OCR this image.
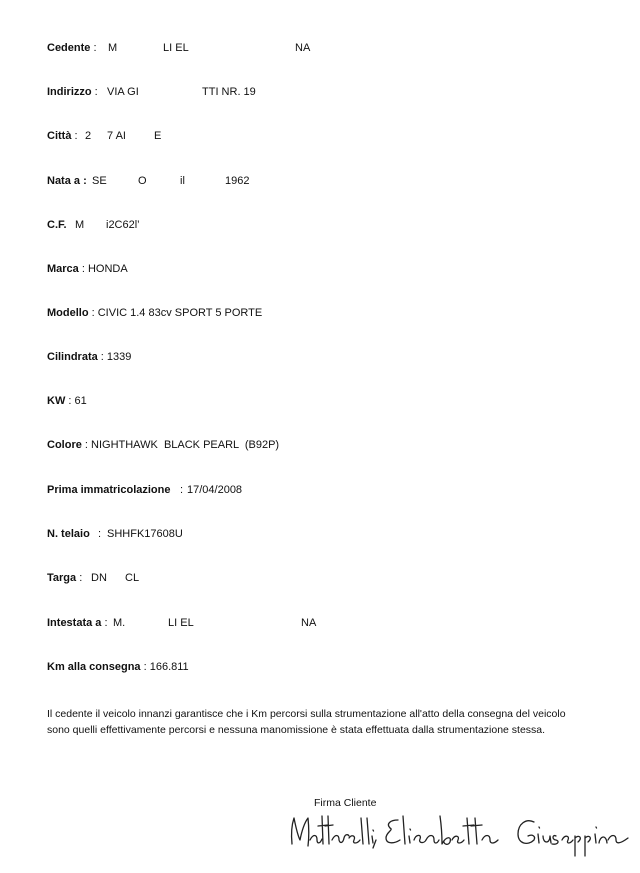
Cedente : M	LI EL	NA
Indirizzo : VIA GI	TTI NR. 19
Città : 2 7 AI	E
Nata a : SE	O	il	1962
C.F. M i2C62l’
Marca : HONDA
Modello : CIVIC 1.4 83cv SPORT 5 PORTE
Cilindrata : 1339
KW : 61
Colore : NIGHTHAWK  BLACK PEARL  (B92P)
Prima immatricolazione : 17/04/2008
N. telaio : SHHFK17608U
Targa : DN CL
Intestata a : M.	LI EL	NA
Km alla consegna : 166.811
Il cedente il veicolo innanzi garantisce che i Km percorsi sulla strumentazione all'atto della consegna del veicolo sono quelli effettivamente percorsi e nessuna manomissione è stata effettuata dalla strumentazione stessa.
Firma Cliente
